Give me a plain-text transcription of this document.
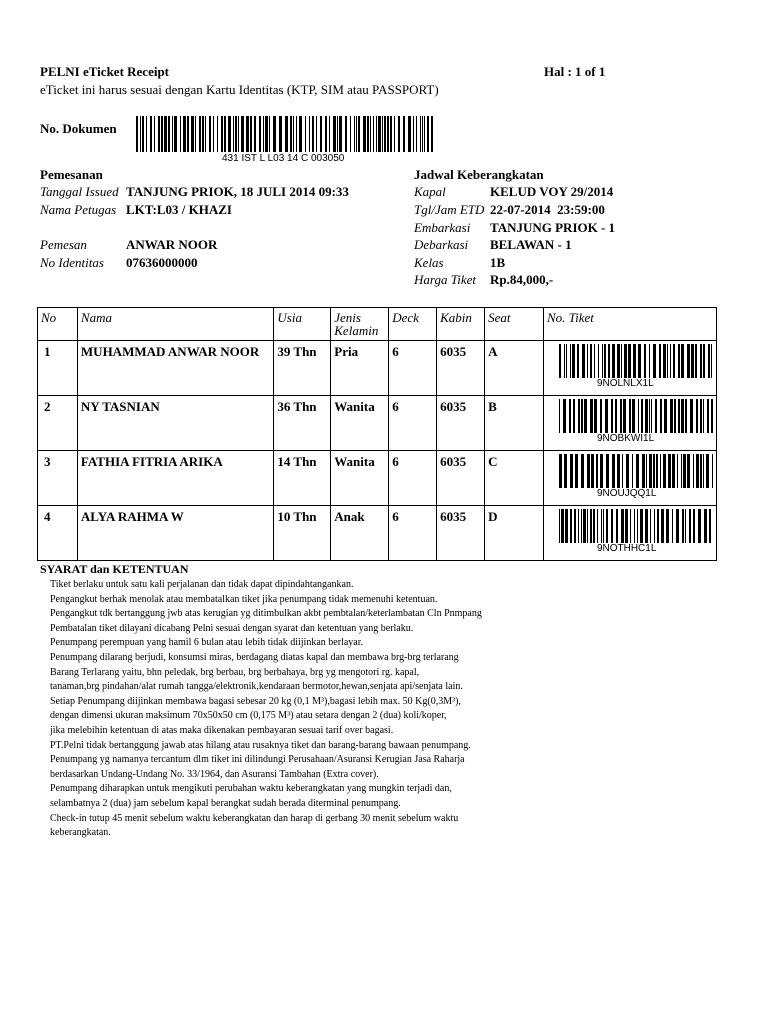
PELNI eTicket Receipt	Hal : 1 of 1
eTicket ini harus sesuai dengan Kartu Identitas (KTP, SIM atau PASSPORT)
No. Dokumen
431 IST L L03 14 C 003050
Pemesanan
Tanggal Issued TANJUNG PRIOK, 18 JULI 2014 09:33
Nama Petugas LKT:L03 / KHAZI
Pemesan	ANWAR NOOR
No Identitas	07636000000
Jadwal Keberangkatan
Kapal	KELUD VOY 29/2014
Tgl/Jam ETD 22-07-2014  23:59:00
Embarkasi	TANJUNG PRIOK - 1
Debarkasi	BELAWAN - 1
Kelas	1B
Harga Tiket	Rp.84,000,-
No	Nama	Usia	Jenis Kelamin	Deck	Kabin	Seat	No. Tiket
1	MUHAMMAD ANWAR NOOR	39 Thn	Pria	6	6035	A	9NOLNLX1L

2	NY TASNIAN	36 Thn	Wanita	6	6035	B	9NOBKWI1L

3	FATHIA FITRIA ARIKA	14 Thn	Wanita	6	6035	C	9NOUJQQ1L

4	ALYA RAHMA W	10 Thn	Anak	6	6035	D	9NOTHHC1L
SYARAT dan KETENTUAN
Tiket berlaku untuk satu kali perjalanan dan tidak dapat dipindahtangankan.
Pengangkut berhak menolak atau membatalkan tiket jika penumpang tidak memenuhi ketentuan.
Pengangkut tdk bertanggung jwb atas kerugian yg ditimbulkan akbt pembtalan/keterlambatan Cln Pnmpang
Pembatalan tiket dilayani dicabang Pelni sesuai dengan syarat dan ketentuan yang berlaku.
Penumpang perempuan yang hamil 6 bulan atau lebih tidak diijinkan berlayar.
Penumpang dilarang berjudi, konsumsi miras, berdagang diatas kapal dan membawa brg-brg terlarang
Barang Terlarang yaitu, bhn peledak, brg berbau, brg berbahaya, brg yg mengotori rg. kapal,
tanaman,brg pindahan/alat rumah tangga/elektronik,kendaraan bermotor,hewan,senjata api/senjata lain.
Setiap Penumpang diijinkan membawa bagasi sebesar 20 kg (0,1 M³),bagasi lebih max. 50 Kg(0,3M³),
dengan dimensi ukuran maksimum 70x50x50 cm (0,175 M³) atau setara dengan 2 (dua) koli/koper,
jika melebihin ketentuan di atas maka dikenakan pembayaran sesuai tarif over bagasi.
PT.Pelni tidak bertanggung jawab atas hilang atau rusaknya tiket dan barang-barang bawaan penumpang.
Penumpang yg namanya tercantum dlm tiket ini dilindungi Perusahaan/Asuransi Kerugian Jasa Raharja
berdasarkan Undang-Undang No. 33/1964, dan Asuransi Tambahan (Extra cover).
Penumpang diharapkan untuk mengikuti perubahan waktu keberangkatan yang mungkin terjadi dan,
selambatnya 2 (dua) jam sebelum kapal berangkat sudah berada diterminal penumpang.
Check-in tutup 45 menit sebelum waktu keberangkatan dan harap di gerbang 30 menit sebelum waktu
keberangkatan.
